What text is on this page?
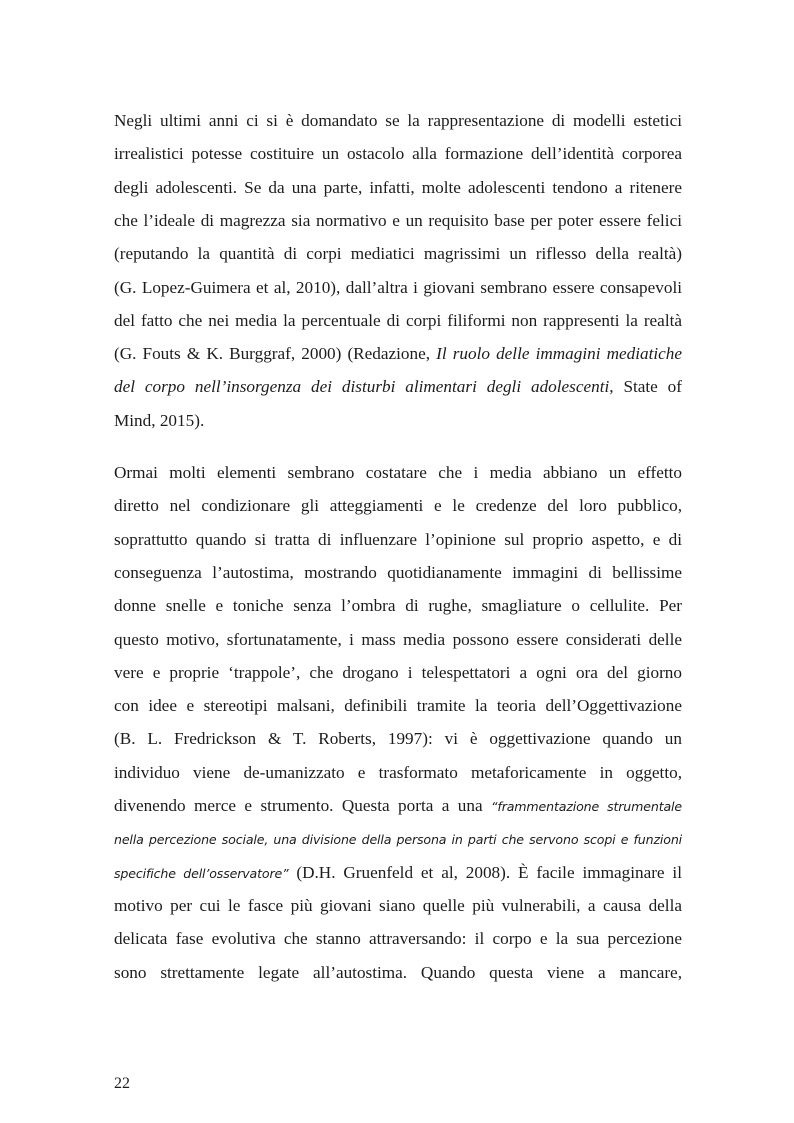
Negli ultimi anni ci si è domandato se la rappresentazione di modelli estetici

irrealistici potesse costituire un ostacolo alla formazione dell’identità corporea

degli adolescenti. Se da una parte, infatti, molte adolescenti tendono a ritenere

che l’ideale di magrezza sia normativo e un requisito base per poter essere felici

(reputando la quantità di corpi mediatici magrissimi un riflesso della realtà)

(G. Lopez-Guimera et al, 2010), dall’altra i giovani sembrano essere consapevoli

del fatto che nei media la percentuale di corpi filiformi non rappresenti la realtà

(G. Fouts & K. Burggraf, 2000) (Redazione, Il ruolo delle immagini mediatiche

del corpo nell’insorgenza dei disturbi alimentari degli adolescenti, State of

Mind, 2015).

Ormai molti elementi sembrano costatare che i media abbiano un effetto

diretto nel condizionare gli atteggiamenti e le credenze del loro pubblico,

soprattutto quando si tratta di influenzare l’opinione sul proprio aspetto, e di

conseguenza l’autostima, mostrando quotidianamente immagini di bellissime

donne snelle e toniche senza l’ombra di rughe, smagliature o cellulite. Per

questo motivo, sfortunatamente, i mass media possono essere considerati delle

vere e proprie ‘trappole’, che drogano i telespettatori a ogni ora del giorno

con idee e stereotipi malsani, definibili tramite la teoria dell’Oggettivazione

(B. L. Fredrickson & T. Roberts, 1997): vi è oggettivazione quando un

individuo viene de-umanizzato e trasformato metaforicamente in oggetto,

divenendo merce e strumento. Questa porta a una “frammentazione strumentale

nella percezione sociale, una divisione della persona in parti che servono scopi e funzioni

specifiche dell’osservatore” (D.H. Gruenfeld et al, 2008). È facile immaginare il

motivo per cui le fasce più giovani siano quelle più vulnerabili, a causa della

delicata fase evolutiva che stanno attraversando: il corpo e la sua percezione

sono strettamente legate all’autostima. Quando questa viene a mancare,

22
